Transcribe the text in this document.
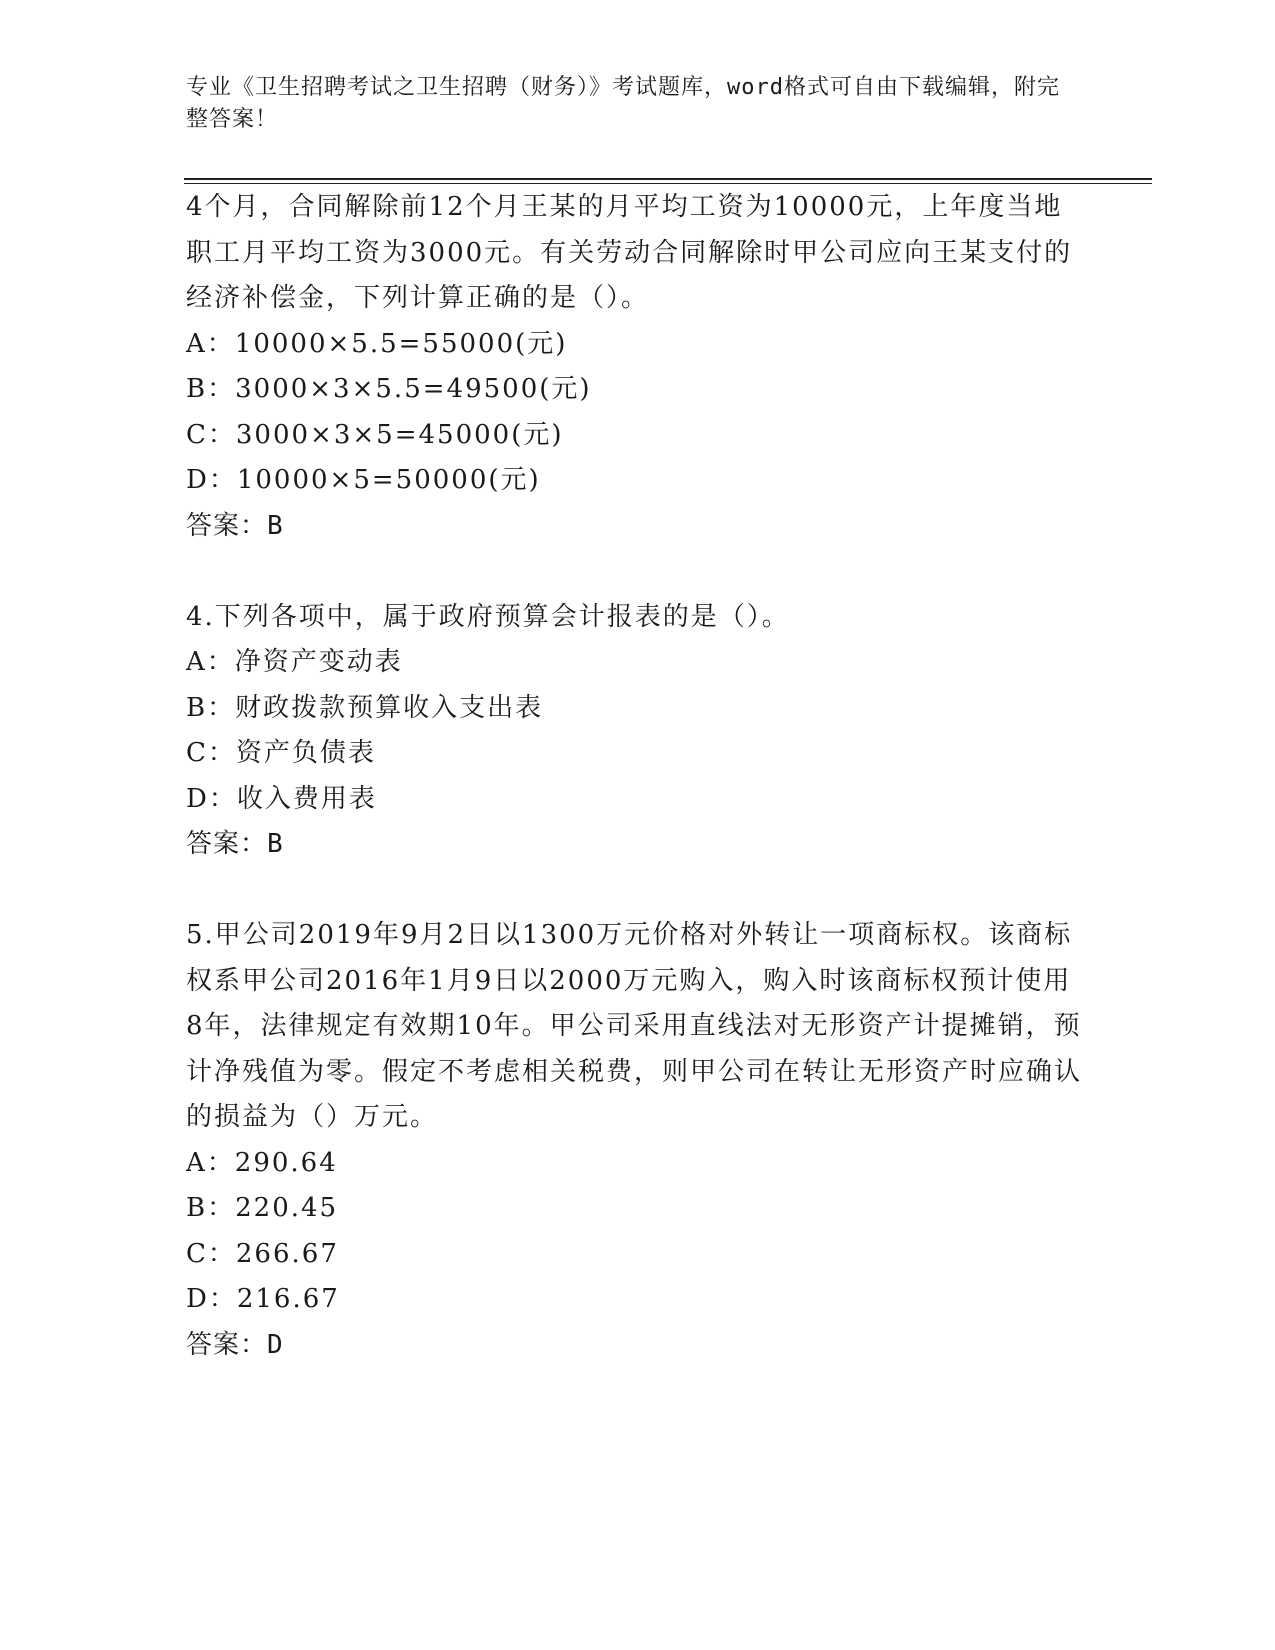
专业《卫生招聘考试之卫生招聘（财务）》考试题库，word格式可自由下载编辑，附完整答案！

4个月，合同解除前12个月王某的月平均工资为10000元，上年度当地职工月平均工资为3000元。有关劳动合同解除时甲公司应向王某支付的经济补偿金，下列计算正确的是（）。

A：10000×5.5=55000(元)

B：3000×3×5.5=49500(元)

C：3000×3×5=45000(元)

D：10000×5=50000(元)

答案：B

4.下列各项中，属于政府预算会计报表的是（）。

A：净资产变动表

B：财政拨款预算收入支出表

C：资产负债表

D：收入费用表

答案：B

5.甲公司2019年9月2日以1300万元价格对外转让一项商标权。该商标权系甲公司2016年1月9日以2000万元购入，购入时该商标权预计使用8年，法律规定有效期10年。甲公司采用直线法对无形资产计提摊销，预计净残值为零。假定不考虑相关税费，则甲公司在转让无形资产时应确认的损益为（）万元。

A：290.64

B：220.45

C：266.67

D：216.67

答案：D
